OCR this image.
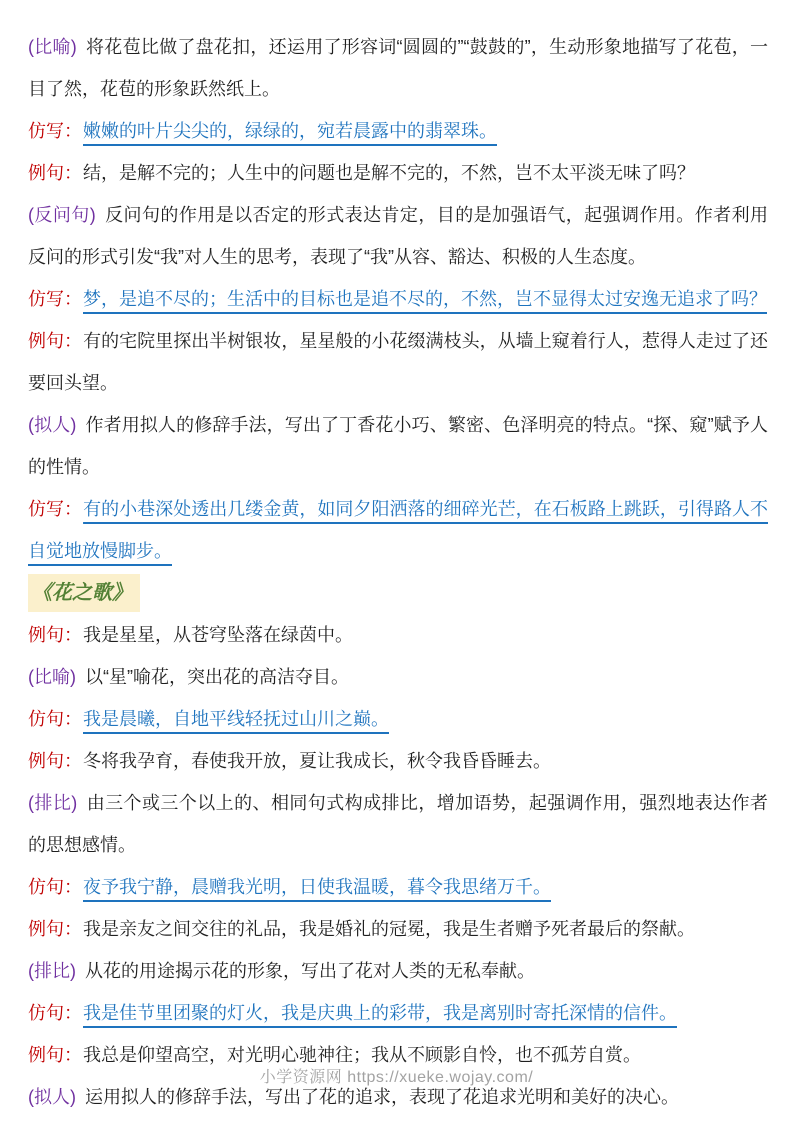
小学资源网 https://xueke.wojay.com/

(比喻) 将花苞比做了盘花扣，还运用了形容词“圆圆的”“鼓鼓的”，生动形象地描写了花苞，一目了然，花苞的形象跃然纸上。

仿写：嫩嫩的叶片尖尖的，绿绿的，宛若晨露中的翡翠珠。

例句：结，是解不完的；人生中的问题也是解不完的，不然，岂不太平淡无味了吗？

(反问句) 反问句的作用是以否定的形式表达肯定，目的是加强语气，起强调作用。作者利用反问的形式引发“我”对人生的思考，表现了“我”从容、豁达、积极的人生态度。

仿写：梦，是追不尽的；生活中的目标也是追不尽的，不然，岂不显得太过安逸无追求了吗？

例句：有的宅院里探出半树银妆，星星般的小花缀满枝头，从墙上窥着行人，惹得人走过了还要回头望。

(拟人) 作者用拟人的修辞手法，写出了丁香花小巧、繁密、色泽明亮的特点。“探、窥”赋予人的性情。

仿写：有的小巷深处透出几缕金黄，如同夕阳洒落的细碎光芒，在石板路上跳跃，引得路人不自觉地放慢脚步。

《花之歌》

例句：我是星星，从苍穹坠落在绿茵中。

(比喻) 以“星”喻花，突出花的高洁夺目。

仿句：我是晨曦，自地平线轻抚过山川之巅。

例句：冬将我孕育，春使我开放，夏让我成长，秋令我昏昏睡去。

(排比) 由三个或三个以上的、相同句式构成排比，增加语势，起强调作用，强烈地表达作者的思想感情。

仿句：夜予我宁静，晨赠我光明，日使我温暖，暮令我思绪万千。

例句：我是亲友之间交往的礼品，我是婚礼的冠冕，我是生者赠予死者最后的祭献。

(排比) 从花的用途揭示花的形象，写出了花对人类的无私奉献。

仿句：我是佳节里团聚的灯火，我是庆典上的彩带，我是离别时寄托深情的信件。

例句：我总是仰望高空，对光明心驰神往；我从不顾影自怜，也不孤芳自赏。

(拟人) 运用拟人的修辞手法，写出了花的追求，表现了花追求光明和美好的决心。
